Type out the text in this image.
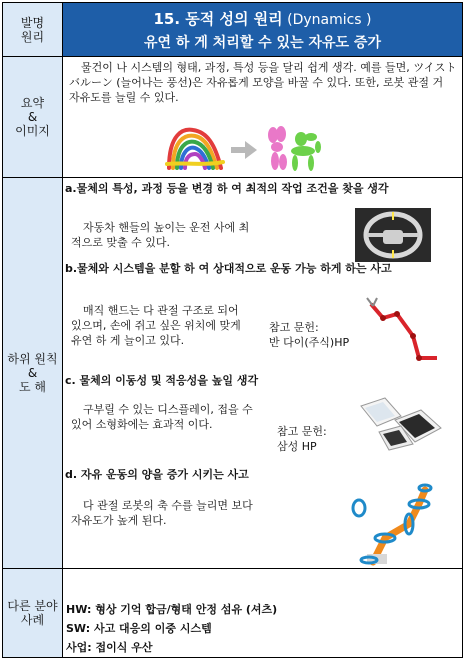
발명
원리
15. 동적 성의 원리 (Dynamics )
유연 하 게 처리할 수 있는 자유도 증가
요약
&
이미지
물건이 나 시스템의 형태, 과정, 특성 등을 달리 쉽게 생각. 예를 들면, ツイストバルーン (늘어나는 풍선)은 자유롭게 모양을 바꿀 수 있다. 또한, 로봇 관절 거 자유도를 늘릴 수 있다.
하위 원칙
&
도 해
a.물체의 특성, 과정 등을 변경 하 여 최적의 작업 조건을 찾을 생각
자동차 핸들의 높이는 운전 사에 최적으로 맞출 수 있다.
b.물체와 시스템을 분할 하 여 상대적으로 운동 가능 하게 하는 사고
매직 핸드는 다 관절 구조로 되어 있으며, 손에 쥐고 싶은 위치에 맞게 유연 하 게 늘이고 있다.
참고 문헌:
반 다이(주식)HP
c. 물체의 이동성 및 적응성을 높일 생각
구부릴 수 있는 디스플레이, 접을 수 있어 소형화에는 효과적 이다.
참고 문헌:
삼성 HP
d. 자유 운동의 양을 증가 시키는 사고
다 관절 로봇의 축 수를 늘리면 보다 자유도가 높게 된다.
다른 분야
사례
HW: 형상 기억 합금/형태 안정 섬유 (셔츠)
SW: 사고 대응의 이중 시스템
사업: 접이식 우산
